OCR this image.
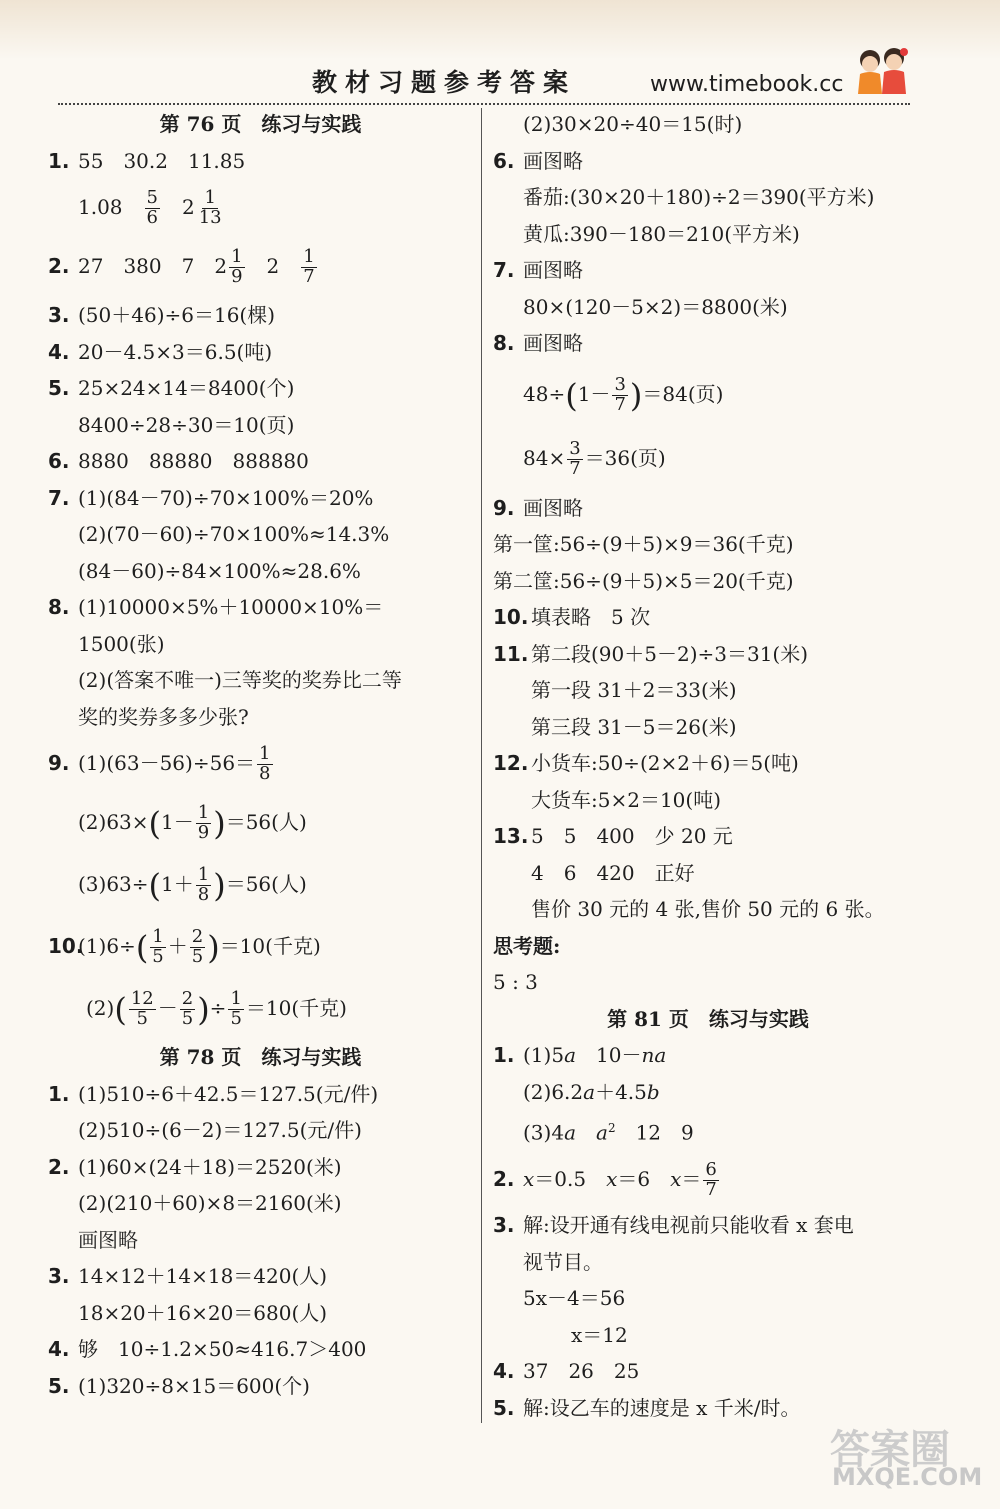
教材习题参考答案	www.timebook.cc
第 76 页　练习与实践
1. 55　30.2　11.85
1.08　 $\frac{5}{6}$ 　$2 \frac{1}{13}$
2. 27　380　7　$2 \frac{1}{9}$ 　2　 $\frac{1}{7}$
3. (50＋46)÷6＝16(棵)
4. 20－4.5×3＝6.5(吨)
5. 25×24×14＝8400(个)
8400÷28÷30＝10(页)
6. 8880　88880　888880
7. (1)(84－70)÷70×100%＝20%
(2)(70－60)÷70×100%≈14.3%
(84－60)÷84×100%≈28.6%
8. (1)10000×5%＋10000×10%＝
1500(张)
(2)(答案不唯一)三等奖的奖券比二等
奖的奖券多多少张?
9. $(1)(63-56)\div 56= \frac{1}{8}$
$(2)63\times(1- \frac{1}{9} )=56$(人)
$(3)63\div(1+ \frac{1}{8} )=56$(人)
$10.(1)6\div( \frac{1}{5} + \frac{2}{5} )=10$(千克)
$(2)( \frac{12}{5} - \frac{2}{5}$ )÷ $\frac{1}{5} =10$(千克)
第 78 页　练习与实践
1. (1)510÷6＋42.5＝127.5(元/件)
(2)510÷(6－2)＝127.5(元/件)
2. (1)60×(24＋18)＝2520(米)
(2)(210＋60)×8＝2160(米)
画图略
3. 14×12＋14×18＝420(人)
18×20＋16×20＝680(人)
4. 够　10÷1.2×50≈416.7＞400
5. (1)320÷8×15＝600(个)
(2)30×20÷40＝15(时)
6. 画图略
番茄:(30×20＋180)÷2＝390(平方米)
黄瓜:390－180＝210(平方米)
7. 画图略
80×(120－5×2)＝8800(米)
8. 画图略
$48\div(1- \frac{3}{7} )=84$(页)
$84\times \frac{3}{7} =36$(页)
9. 画图略
第一筐:56÷(9＋5)×9＝36(千克)
第二筐:56÷(9＋5)×5＝20(千克)
10. 填表略　5 次
11. 第二段(90＋5－2)÷3＝31(米)
第一段 31＋2＝33(米)
第三段 31－5＝26(米)
12. 小货车:50÷(2×2＋6)＝5(吨)
大货车:5×2＝10(吨)
13. 5　5　400　少 20 元
4　6　420　正好
售价 30 元的 4 张,售价 50 元的 6 张。
思考题:
5 : 3
第 81 页　练习与实践
1. (1)5a　10－na
(2)6.2a＋4.5b
(3)4a　 $a^2$　12　9
2. x＝0.5　x＝6　$x= \frac{6}{7}$
3. 解:设开通有线电视前只能收看 x 套电
视节目。
5x－4＝56
x＝12
4. 37　26　25
5. 解:设乙车的速度是 x 千米/时。
答案圈
MXQE.COM
